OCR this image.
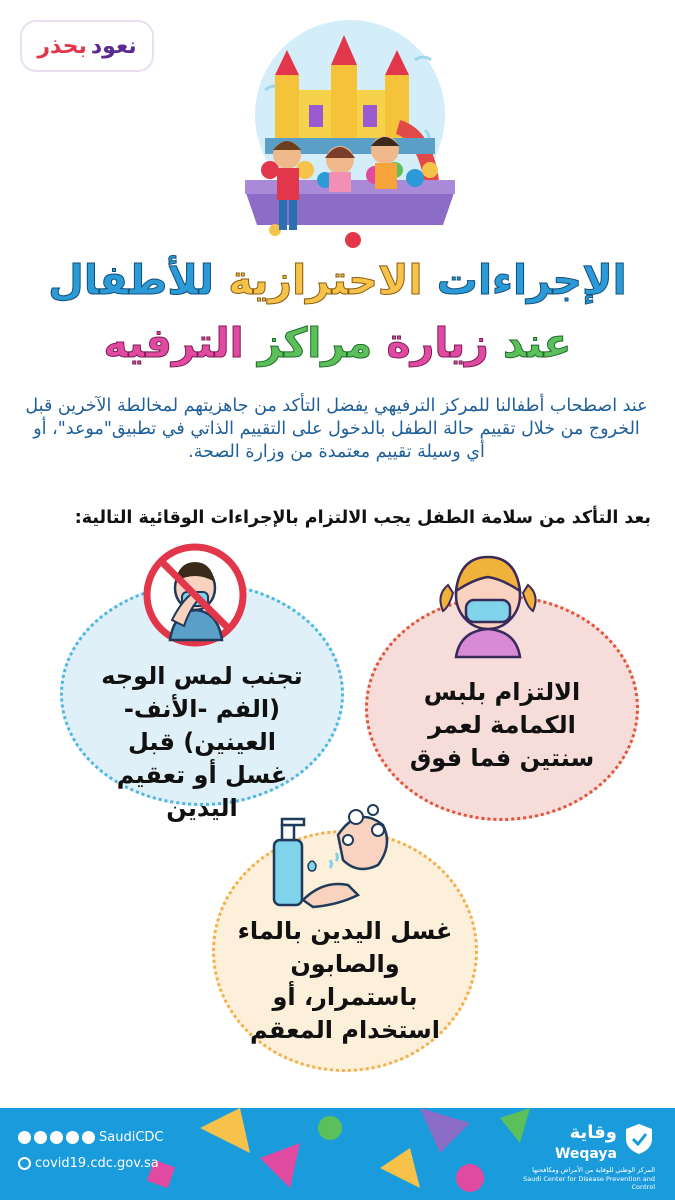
نعود
بحذر
الإجراءات الاحترازية للأطفال
عند زيارة مراكز الترفيه
عند اصطحاب أطفالنا للمركز الترفيهي يفضل التأكد من جاهزيتهم لمخالطة الآخرين قبل الخروج من خلال تقييم حالة الطفل بالدخول على التقييم الذاتي في تطبيق"موعد"، أو أي وسيلة تقييم معتمدة من وزارة الصحة.
بعد التأكد من سلامة الطفل يجب الالتزام بالإجراءات الوقائية التالية:
الالتزام بلبس الكمامة لعمر سنتين فما فوق
تجنب لمس الوجه (الفم -الأنف-العينين) قبل غسل أو تعقيم اليدين
غسل اليدين بالماء والصابون باستمرار، أو استخدام المعقم
SaudiCDC
covid19.cdc.gov.sa
وقاية
Weqaya
المركز الوطني للوقاية من الأمراض ومكافحتها
Saudi Center for Disease Prevention and Control
